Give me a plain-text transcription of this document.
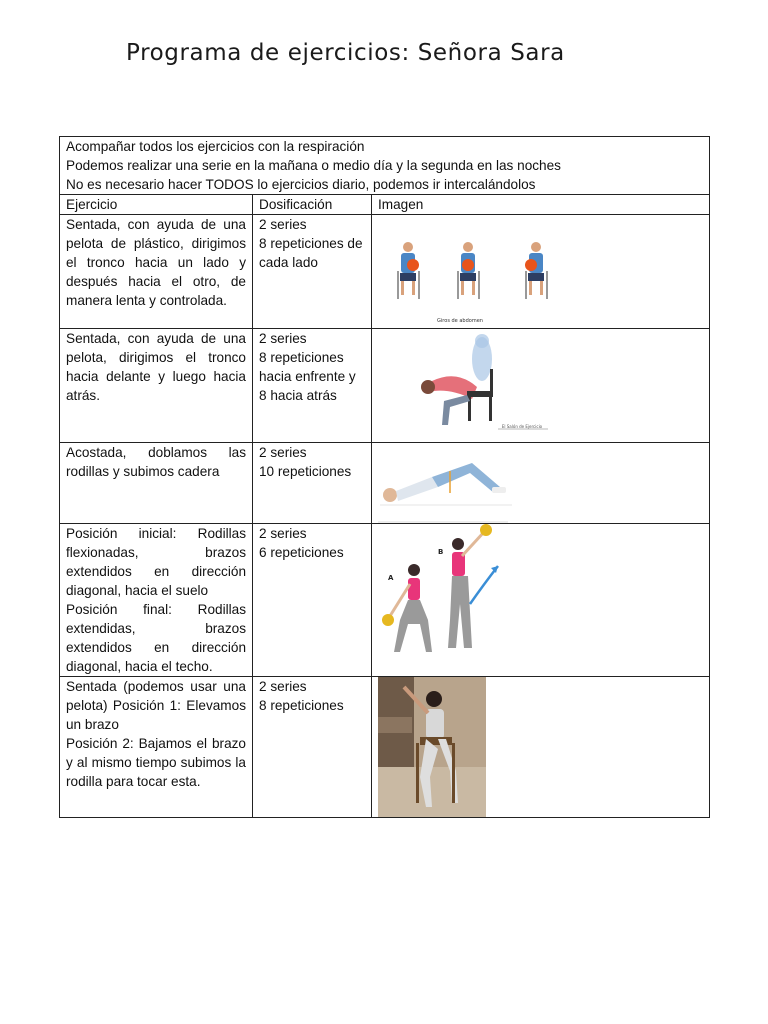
Programa de ejercicios: Señora Sara
Acompañar todos los ejercicios con la respiración
Podemos realizar una serie en la mañana o medio día y la segunda en las noches
No es necesario hacer TODOS lo ejercicios diario, podemos ir intercalándolos		

Ejercicio	Dosificación	Imagen
Sentada, con ayuda de una pelota de plástico, dirigimos el tronco hacia un lado y después hacia el otro, de manera lenta y controlada.	2 series
8 repeticiones de cada lado	Giros de abdomen

Sentada, con ayuda de una pelota, dirigimos el tronco hacia delante y luego hacia atrás.	2 series
8 repeticiones hacia enfrente y 8 hacia atrás	El Salón de Ejercicio

Acostada, doblamos las rodillas y subimos cadera	2 series
10 repeticiones

Posición inicial: Rodillas flexionadas, brazos extendidos en dirección diagonal, hacia el suelo
Posición final: Rodillas extendidas, brazos extendidos en dirección diagonal, hacia el techo.	2 series
6 repeticiones	A
B

Sentada (podemos usar una pelota) Posición 1: Elevamos un brazo
Posición 2: Bajamos el brazo y al mismo tiempo subimos la rodilla para tocar esta.	2 series
8 repeticiones
